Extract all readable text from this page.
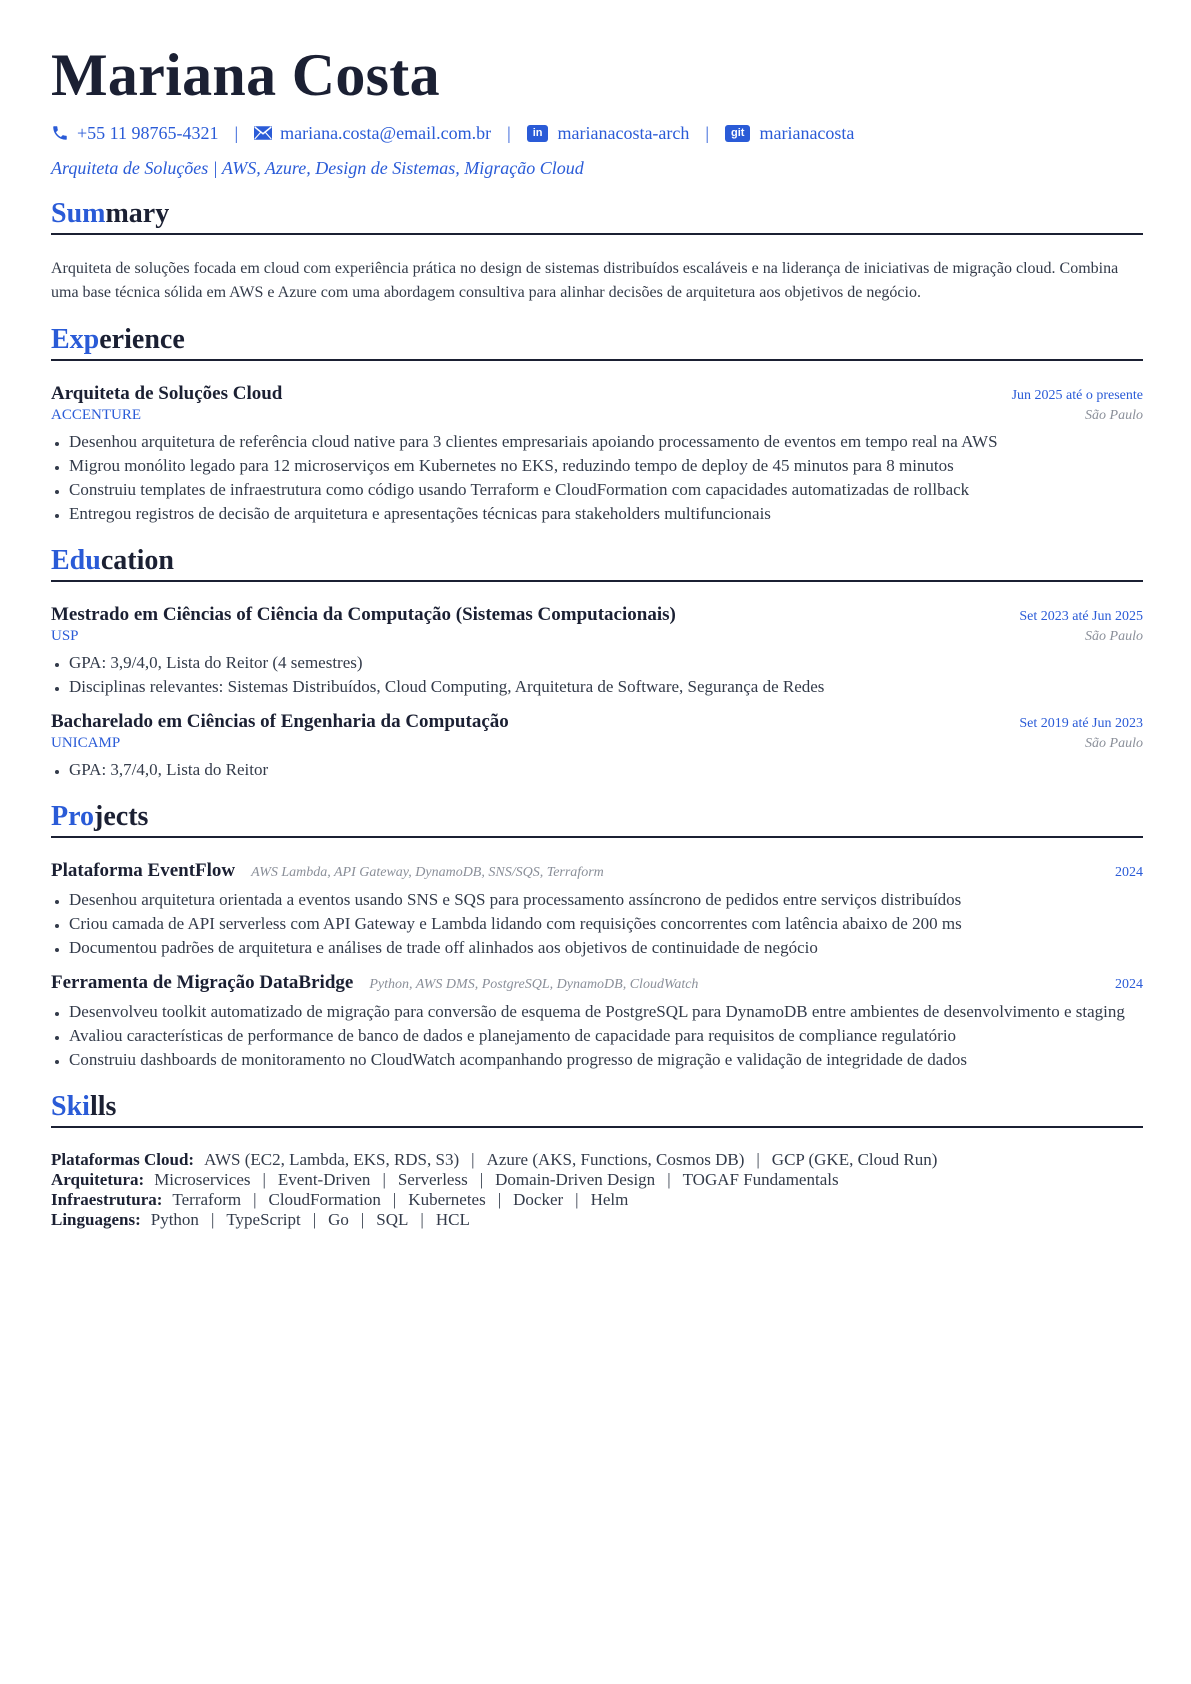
Mariana Costa
+55 11 98765-4321 | mariana.costa@email.com.br |	in marianacosta-arch |	git marianacosta
Arquiteta de Soluções | AWS, Azure, Design de Sistemas, Migração Cloud
Summary
Arquiteta de soluções focada em cloud com experiência prática no design de sistemas distribuídos escaláveis e na liderança de iniciativas de migração cloud. Combina uma base técnica sólida em AWS e Azure com uma abordagem consultiva para alinhar decisões de arquitetura aos objetivos de negócio.
Experience
Arquiteta de Soluções Cloud	Jun 2025 até o presente
ACCENTURE	São Paulo
• Desenhou arquitetura de referência cloud native para 3 clientes empresariais apoiando processamento de eventos em tempo real na AWS
• Migrou monólito legado para 12 microserviços em Kubernetes no EKS, reduzindo tempo de deploy de 45 minutos para 8 minutos
• Construiu templates de infraestrutura como código usando Terraform e CloudFormation com capacidades automatizadas de rollback
• Entregou registros de decisão de arquitetura e apresentações técnicas para stakeholders multifuncionais
Education
Mestrado em Ciências of Ciência da Computação (Sistemas Computacionais)	Set 2023 até Jun 2025
USP	São Paulo
• GPA: 3,9/4,0, Lista do Reitor (4 semestres)
• Disciplinas relevantes: Sistemas Distribuídos, Cloud Computing, Arquitetura de Software, Segurança de Redes
Bacharelado em Ciências of Engenharia da Computação	Set 2019 até Jun 2023
UNICAMP	São Paulo
• GPA: 3,7/4,0, Lista do Reitor
Projects
Plataforma EventFlow AWS Lambda, API Gateway, DynamoDB, SNS/SQS, Terraform	2024
• Desenhou arquitetura orientada a eventos usando SNS e SQS para processamento assíncrono de pedidos entre serviços distribuídos
• Criou camada de API serverless com API Gateway e Lambda lidando com requisições concorrentes com latência abaixo de 200 ms
• Documentou padrões de arquitetura e análises de trade off alinhados aos objetivos de continuidade de negócio
Ferramenta de Migração DataBridge Python, AWS DMS, PostgreSQL, DynamoDB, CloudWatch	2024
• Desenvolveu toolkit automatizado de migração para conversão de esquema de PostgreSQL para DynamoDB entre ambientes de desenvolvimento e staging
• Avaliou características de performance de banco de dados e planejamento de capacidade para requisitos de compliance regulatório
• Construiu dashboards de monitoramento no CloudWatch acompanhando progresso de migração e validação de integridade de dados
Skills
Plataformas Cloud: AWS (EC2, Lambda, EKS, RDS, S3) | Azure (AKS, Functions, Cosmos DB) | GCP (GKE, Cloud Run)
Arquitetura: Microservices | Event-Driven | Serverless | Domain-Driven Design | TOGAF Fundamentals
Infraestrutura: Terraform | CloudFormation | Kubernetes | Docker | Helm
Linguagens: Python | TypeScript | Go | SQL | HCL
